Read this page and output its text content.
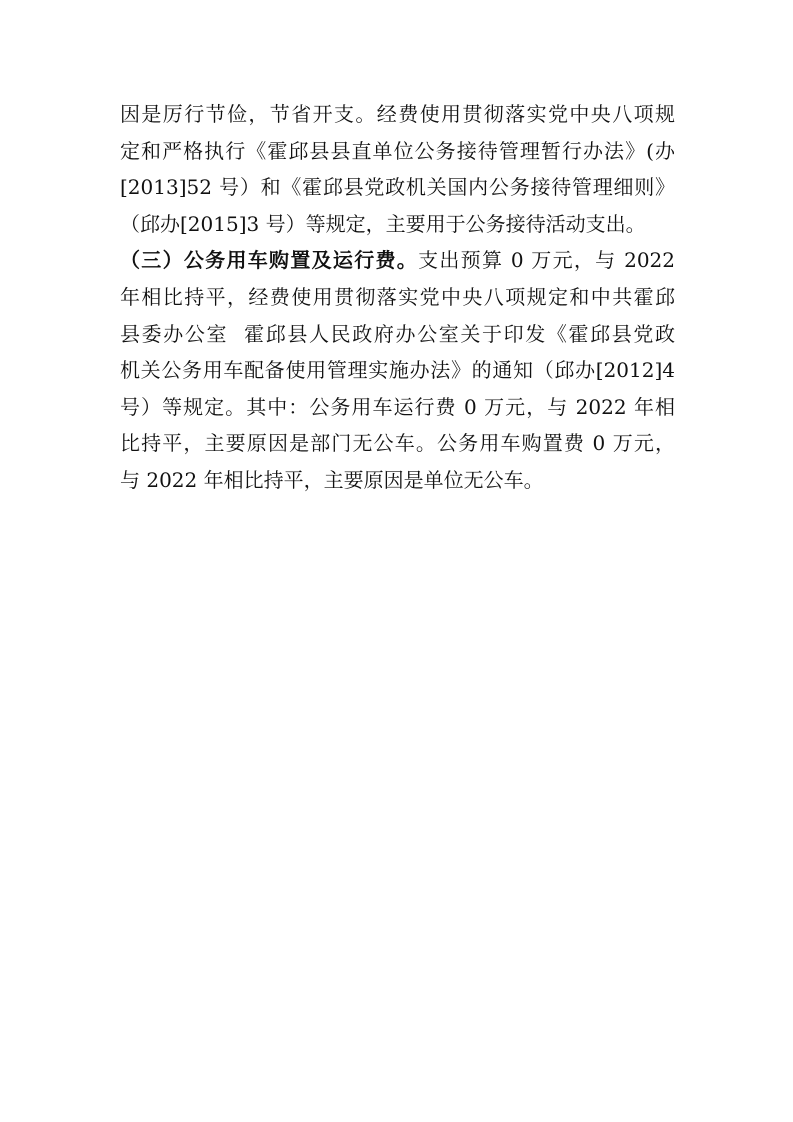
因是厉行节俭，节省开支。经费使用贯彻落实党中央八项规
定和严格执行《霍邱县县直单位公务接待管理暂行办法》(办
[2013]52 号）和《霍邱县党政机关国内公务接待管理细则》
（邱办[2015]3 号）等规定，主要用于公务接待活动支出。
（三）公务用车购置及运行费。支出预算 0 万元，与 2022
年相比持平，经费使用贯彻落实党中央八项规定和中共霍邱
县委办公室  霍邱县人民政府办公室关于印发《霍邱县党政
机关公务用车配备使用管理实施办法》的通知（邱办[2012]4
号）等规定。其中：公务用车运行费 0 万元，与 2022 年相
比持平，主要原因是部门无公车。公务用车购置费 0 万元，
与 2022 年相比持平，主要原因是单位无公车。
